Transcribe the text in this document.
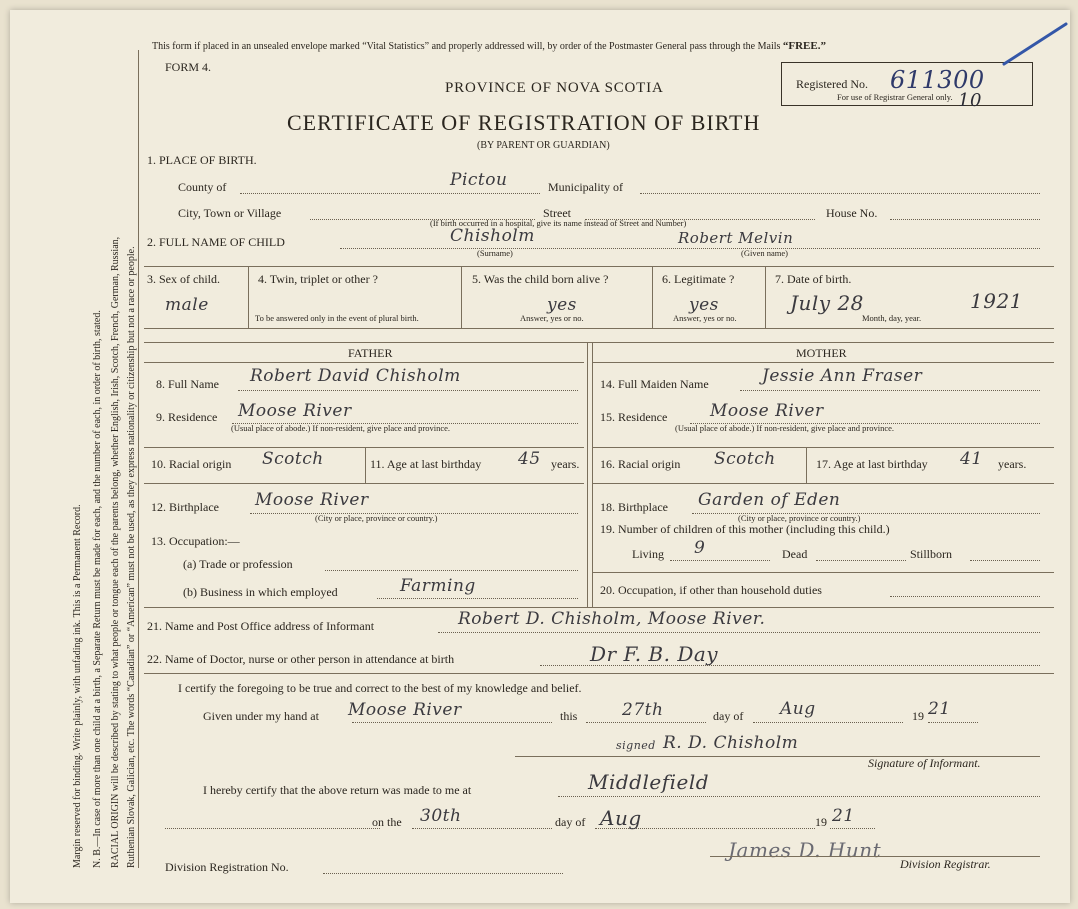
Margin reserved for binding. Write plainly, with unfading ink. This is a Permanent Record. N. B.—In case of more than one child at a birth, a Separate Return must be made for each, and the number of each, in order of birth, stated. RACIAL ORIGIN will be described by stating to what people or tongue each of the parents belong, whether English, Irish, Scotch, French, German, Russian, Ruthenian Slovak, Galician, etc. The words “Canadian” or “American” must not be used, as they express nationality or citizenship but not a race or people.
This form if placed in an unsealed envelope marked “Vital Statistics” and properly addressed will, by order of the Postmaster General pass through the Mails “FREE.”
FORM 4.
PROVINCE OF NOVA SCOTIA
CERTIFICATE OF REGISTRATION OF BIRTH
(BY PARENT OR GUARDIAN)
Registered No. 611300
For use of Registrar General only. 10
1. PLACE OF BIRTH.
County of	Pictou	Municipality of
City, Town or Village	Street	House No.
(If birth occurred in a hospital, give its name instead of Street and Number)
2. FULL NAME OF CHILD	Chisholm
(Surname)
Robert Melvin
(Given name)
3. Sex of child.
male
4. Twin, triplet or other ?
To be answered only in the event of plural birth.
5. Was the child born alive ?
yes
Answer, yes or no.
6. Legitimate ?
yes
Answer, yes or no.
7. Date of birth.
July 28	1921
Month, day, year.
FATHER	MOTHER
8. Full Name Robert David Chisholm
9. Residence Moose River
(Usual place of abode.) If non-resident, give place and province.
10. Racial origin Scotch	11. Age at last birthday 45 years.
12. Birthplace Moose River
(City or place, province or country.)
13. Occupation:—
(a) Trade or profession
(b) Business in which employed	Farming
14. Full Maiden Name	Jessie Ann Fraser
15. Residence	Moose River
(Usual place of abode.) If non-resident, give place and province.
16. Racial origin Scotch	17. Age at last birthday 41 years.
18. Birthplace Garden of Eden
(City or place, province or country.)
19. Number of children of this mother (including this child.)
Living 9	Dead	Stillborn
20. Occupation, if other than household duties
21. Name and Post Office address of Informant	Robert D. Chisholm, Moose River.
22. Name of Doctor, nurse or other person in attendance at birth	Dr F. B. Day
I certify the foregoing to be true and correct to the best of my knowledge and belief.
Given under my hand at Moose River	this	27th	day of Aug	19 21
signed R. D. Chisholm
Signature of Informant.
I hereby certify that the above return was made to me at	Middlefield
on the 30th	day of Aug	19 21
Division Registration No.
James D. Hunt
Division Registrar.
